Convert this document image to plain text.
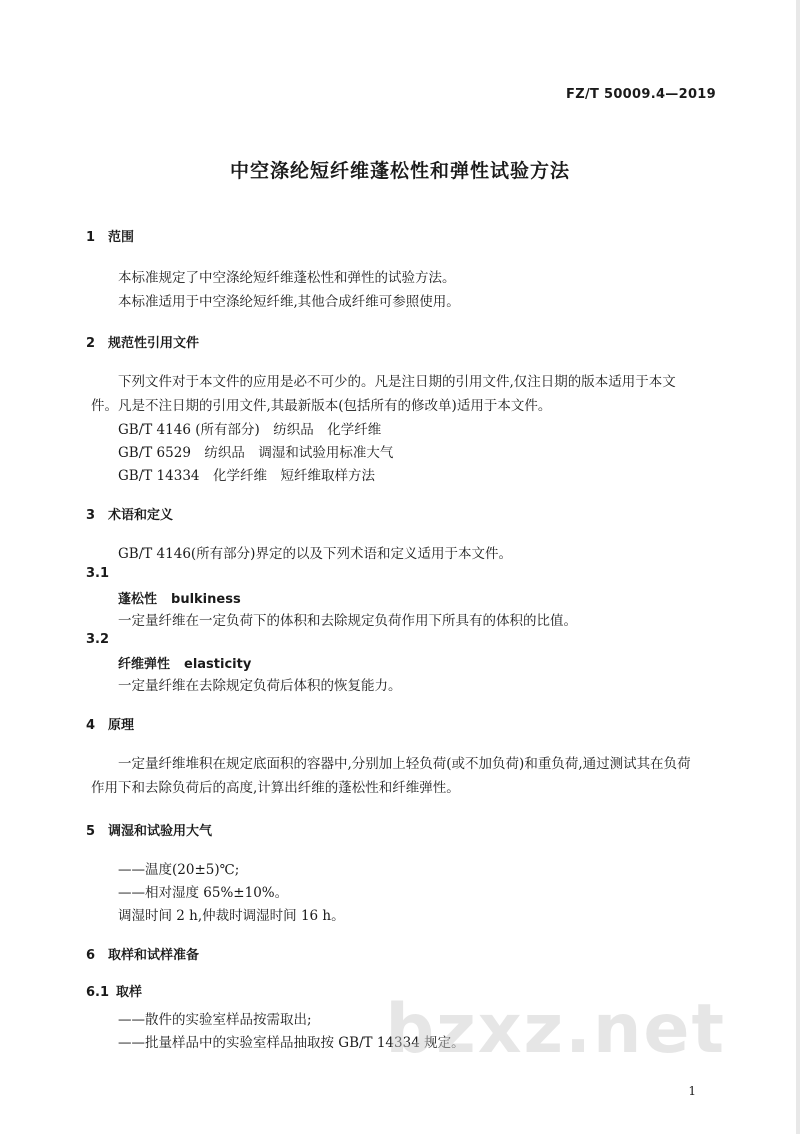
FZ/T 50009.4—2019
中空涤纶短纤维蓬松性和弹性试验方法
1 范围
本标准规定了中空涤纶短纤维蓬松性和弹性的试验方法。
本标准适用于中空涤纶短纤维,其他合成纤维可参照使用。
2 规范性引用文件
下列文件对于本文件的应用是必不可少的。凡是注日期的引用文件,仅注日期的版本适用于本文件。凡是不注日期的引用文件,其最新版本(包括所有的修改单)适用于本文件。
GB/T 4146 (所有部分)　纺织品　化学纤维
GB/T 6529　纺织品　调湿和试验用标准大气
GB/T 14334　化学纤维　短纤维取样方法
3 术语和定义
GB/T 4146(所有部分)界定的以及下列术语和定义适用于本文件。
3.1
蓬松性 bulkiness
一定量纤维在一定负荷下的体积和去除规定负荷作用下所具有的体积的比值。
3.2
纤维弹性 elasticity
一定量纤维在去除规定负荷后体积的恢复能力。
4 原理
一定量纤维堆积在规定底面积的容器中,分别加上轻负荷(或不加负荷)和重负荷,通过测试其在负荷作用下和去除负荷后的高度,计算出纤维的蓬松性和纤维弹性。
5 调湿和试验用大气
——温度(20±5)℃;
——相对湿度 65%±10%。
调湿时间 2 h,仲裁时调湿时间 16 h。
6 取样和试样准备
6.1 取样
——散件的实验室样品按需取出;
——批量样品中的实验室样品抽取按 GB/T 14334 规定。
bzxz.net
1
